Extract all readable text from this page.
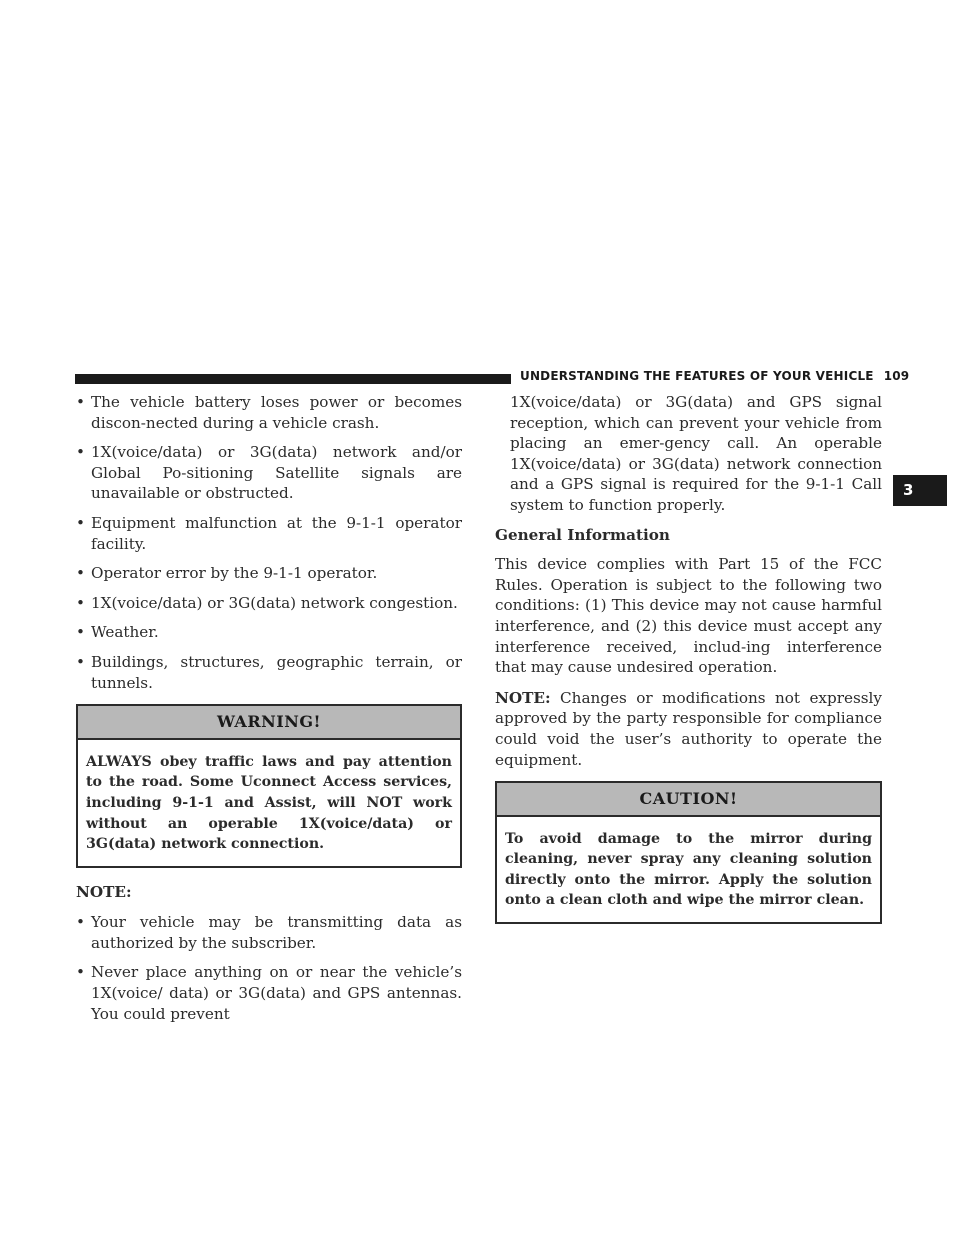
UNDERSTANDING THE FEATURES OF YOUR VEHICLE 109
3
• The vehicle battery loses power or becomes discon-nected during a vehicle crash.
• 1X(voice/data) or 3G(data) network and/or Global Po-sitioning Satellite signals are unavailable or obstructed.
• Equipment malfunction at the 9-1-1 operator facility.
• Operator error by the 9-1-1 operator.
• 1X(voice/data) or 3G(data) network congestion.
• Weather.
• Buildings, structures, geographic terrain, or tunnels.
WARNING!
ALWAYS obey traffic laws and pay attention to the road. Some Uconnect Access services, including 9-1-1 and Assist, will NOT work without an operable 1X(voice/data) or 3G(data) network connection.
NOTE:
• Your vehicle may be transmitting data as authorized by the subscriber.
• Never place anything on or near the vehicle’s 1X(voice/ data) or 3G(data) and GPS antennas. You could prevent
1X(voice/data) or 3G(data) and GPS signal reception, which can prevent your vehicle from placing an emer-gency call. An operable 1X(voice/data) or 3G(data) network connection and a GPS signal is required for the 9-1-1 Call system to function properly.
General Information

This device complies with Part 15 of the FCC Rules. Operation is subject to the following two conditions: (1) This device may not cause harmful interference, and (2) this device must accept any interference received, includ-ing interference that may cause undesired operation.

NOTE: Changes or modifications not expressly approved by the party responsible for compliance could void the user’s authority to operate the equipment.

CAUTION!
To avoid damage to the mirror during cleaning, never spray any cleaning solution directly onto the mirror. Apply the solution onto a clean cloth and wipe the mirror clean.
